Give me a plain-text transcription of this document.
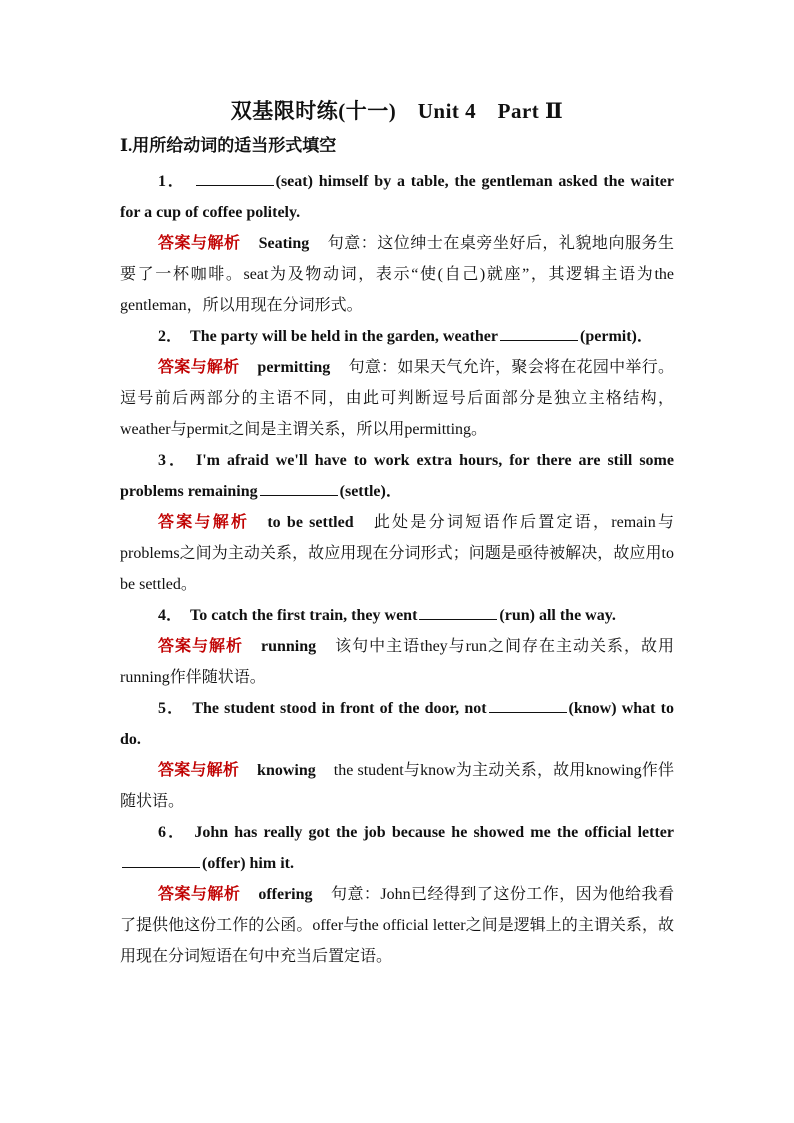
双基限时练(十一)　Unit 4　Part Ⅱ
Ⅰ.用所给动词的适当形式填空

1．	(seat) himself by a table, the gentleman asked the waiter for a cup of coffee politely.

答案与解析 Seating 句意：这位绅士在桌旁坐好后，礼貌地向服务生要了一杯咖啡。seat为及物动词，表示“使(自己)就座”，其逻辑主语为the gentleman，所以用现在分词形式。

2． The party will be held in the garden, weather	(permit)．

答案与解析 permitting 句意：如果天气允许，聚会将在花园中举行。逗号前后两部分的主语不同，由此可判断逗号后面部分是独立主格结构， weather与permit之间是主谓关系，所以用permitting。

3． I'm afraid we'll have to work extra hours, for there are still some problems remaining	(settle)．

答案与解析 to be settled 此处是分词短语作后置定语，remain与problems之间为主动关系，故应用现在分词形式；问题是亟待被解决，故应用to be settled。

4． To catch the first train, they went	(run) all the way.

答案与解析 running 该句中主语they与run之间存在主动关系，故用running作伴随状语。

5． The student stood in front of the door, not	(know) what to do.

答案与解析 knowing the student与know为主动关系，故用knowing作伴随状语。

6． John has really got the job because he showed me the official letter(offer) him it.

答案与解析 offering 句意：John已经得到了这份工作，因为他给我看了提供他这份工作的公函。offer与the official letter之间是逻辑上的主谓关系，故用现在分词短语在句中充当后置定语。
